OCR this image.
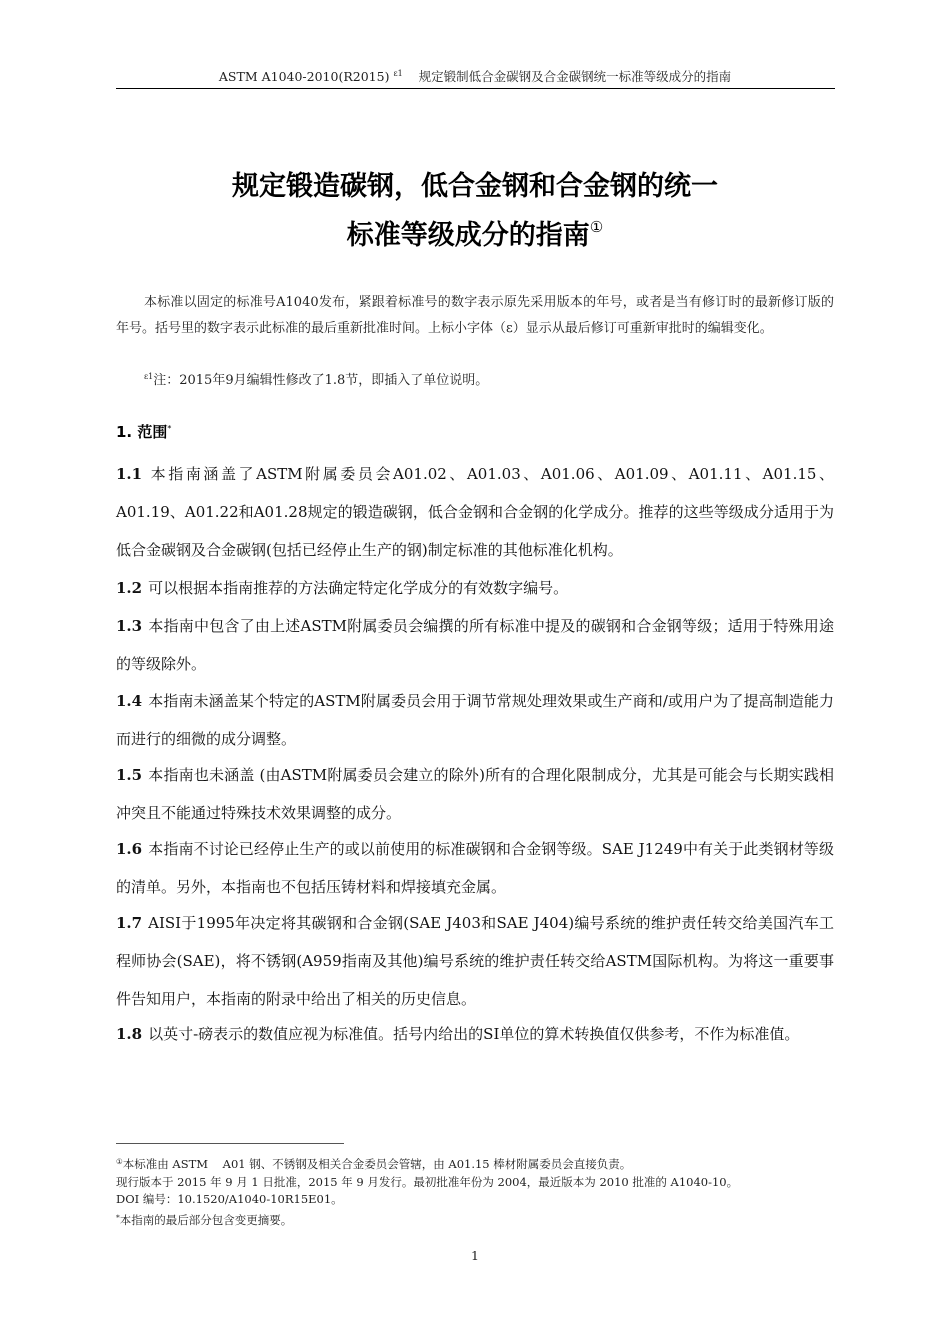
ASTM A1040-2010(R2015) $^{\varepsilon 1}$ 规定锻制低合金碳钢及合金碳钢统一标准等级成分的指南
规定锻造碳钢，低合金钢和合金钢的统一
标准等级成分的指南①
本标准以固定的标准号A1040发布，紧跟着标准号的数字表示原先采用版本的年号，或者是当有修订时的最新修订版的年号。括号里的数字表示此标准的最后重新批准时间。上标小字体（ε）显示从最后修订可重新审批时的编辑变化。
$^{\varepsilon 1}$注：2015年9月编辑性修改了1.8节，即插入了单位说明。
1. 范围*
1.1 本指南涵盖了ASTM附属委员会A01.02、A01.03、A01.06、A01.09、A01.11、A01.15、A01.19、A01.22和A01.28规定的锻造碳钢，低合金钢和合金钢的化学成分。推荐的这些等级成分适用于为低合金碳钢及合金碳钢(包括已经停止生产的钢)制定标准的其他标准化机构。
1.2 可以根据本指南推荐的方法确定特定化学成分的有效数字编号。
1.3 本指南中包含了由上述ASTM附属委员会编撰的所有标准中提及的碳钢和合金钢等级；适用于特殊用途的等级除外。
1.4 本指南未涵盖某个特定的ASTM附属委员会用于调节常规处理效果或生产商和/或用户为了提高制造能力而进行的细微的成分调整。
1.5 本指南也未涵盖 (由ASTM附属委员会建立的除外)所有的合理化限制成分，尤其是可能会与长期实践相冲突且不能通过特殊技术效果调整的成分。
1.6 本指南不讨论已经停止生产的或以前使用的标准碳钢和合金钢等级。SAE J1249中有关于此类钢材等级的清单。另外，本指南也不包括压铸材料和焊接填充金属。
1.7 AISI于1995年决定将其碳钢和合金钢(SAE J403和SAE J404)编号系统的维护责任转交给美国汽车工程师协会(SAE)，将不锈钢(A959指南及其他)编号系统的维护责任转交给ASTM国际机构。为将这一重要事件告知用户，本指南的附录中给出了相关的历史信息。
1.8 以英寸-磅表示的数值应视为标准值。括号内给出的SI单位的算术转换值仅供参考，不作为标准值。
①本标准由 ASTM    A01 钢、不锈钢及相关合金委员会管辖，由 A01.15 棒材附属委员会直接负责。
现行版本于 2015 年 9 月 1 日批准，2015 年 9 月发行。最初批准年份为 2004，最近版本为 2010 批准的 A1040-10。
DOI 编号：10.1520/A1040-10R15E01。
*本指南的最后部分包含变更摘要。
1
